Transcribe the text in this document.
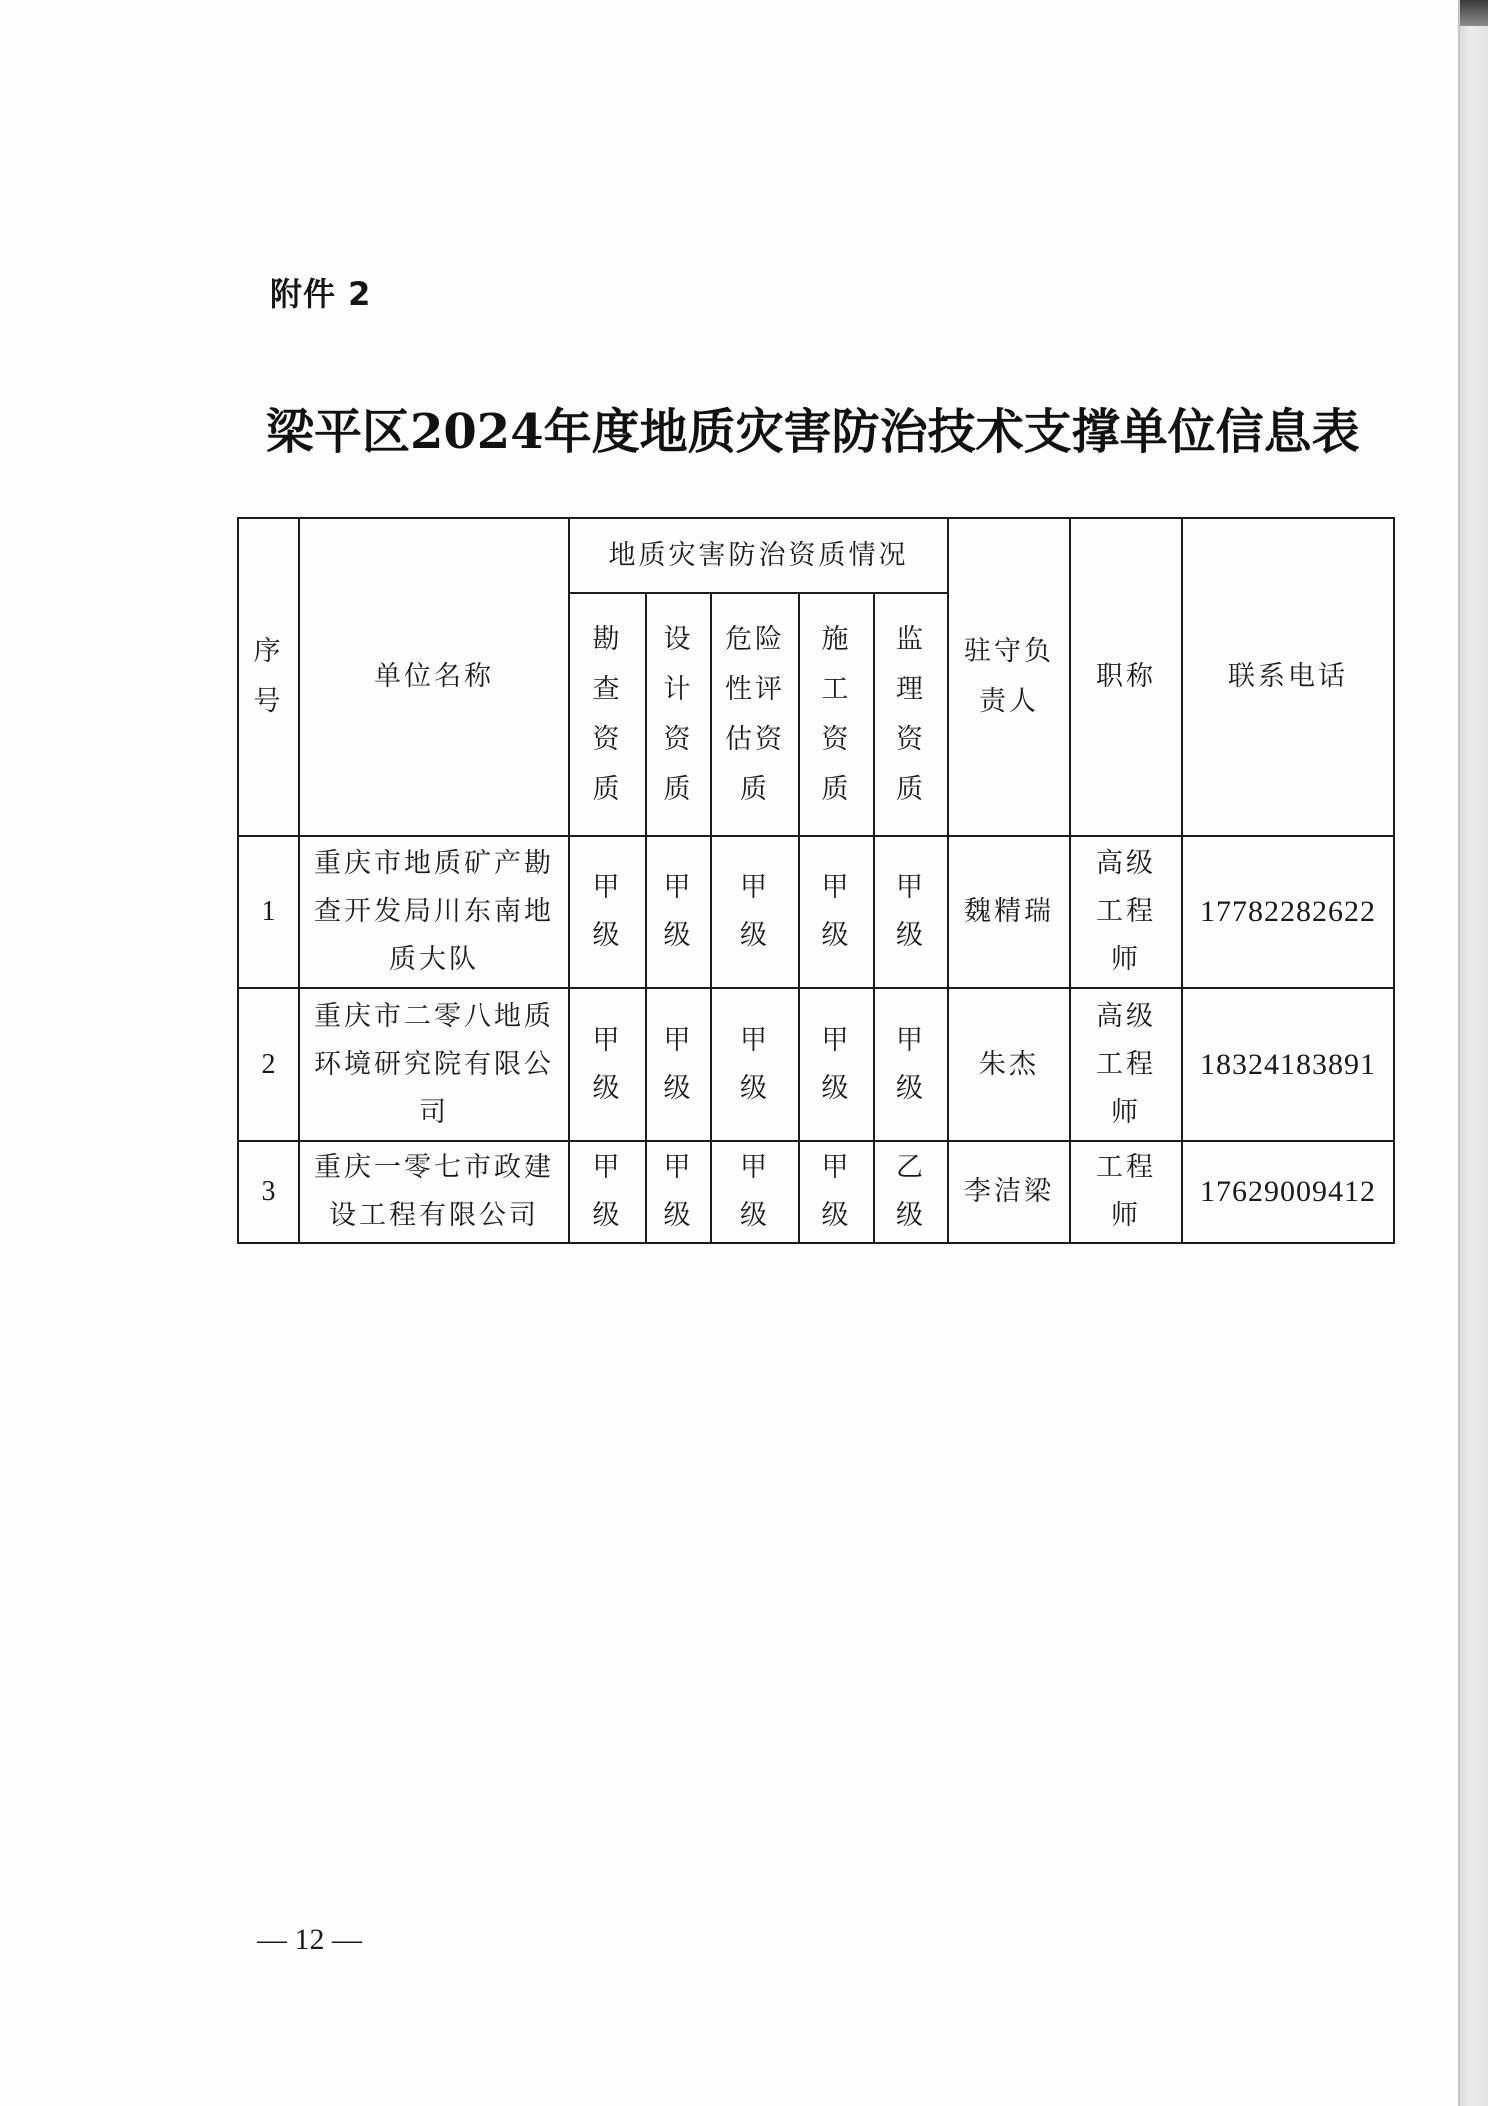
附件 2
梁平区2024年度地质灾害防治技术支撑单位信息表
序号	单位名称	地质灾害防治资质情况					驻守负责人	职称	联系电话

		勘查资质	设计资质	危险性评估资质	施工资质	监理资质			

1	重庆市地质矿产勘查开发局川东南地质大队	甲级	甲级	甲级	甲级	甲级	魏精瑞	高级工程师	17782282622

2	重庆市二零八地质环境研究院有限公司	甲级	甲级	甲级	甲级	甲级	朱杰	高级工程师	18324183891

3	重庆一零七市政建设工程有限公司	甲级	甲级	甲级	甲级	乙级	李洁梁	工程师	17629009412
— 12 —
